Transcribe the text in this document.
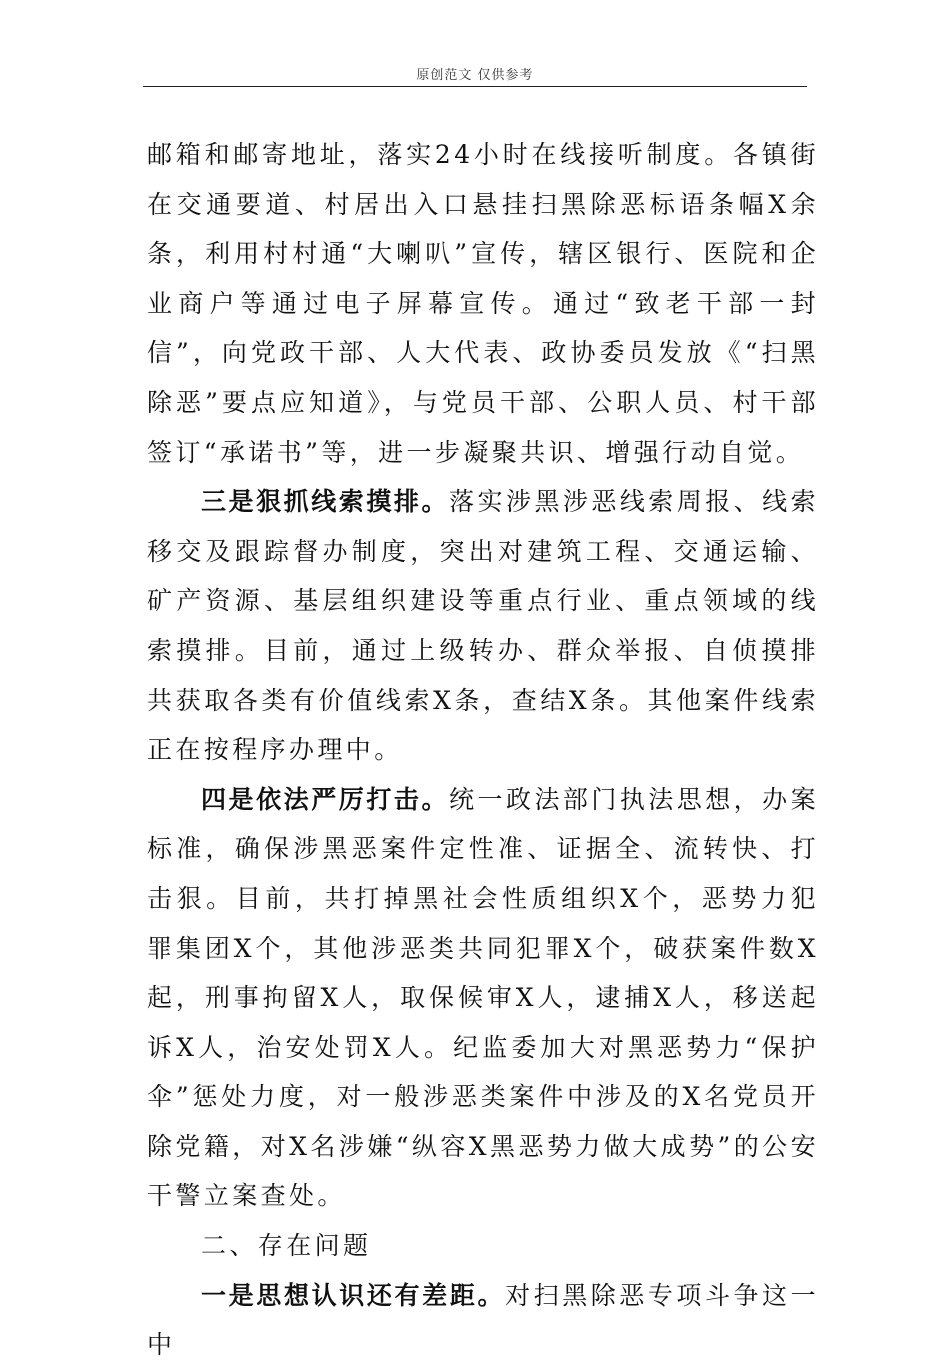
原创范文 仅供参考

邮箱和邮寄地址，落实24小时在线接听制度。各镇街在交通要道、村居出入口悬挂扫黑除恶标语条幅X余条，利用村村通“大喇叭”宣传，辖区银行、医院和企业商户等通过电子屏幕宣传。通过“致老干部一封信”，向党政干部、人大代表、政协委员发放《“扫黑除恶”要点应知道》，与党员干部、公职人员、村干部签订“承诺书”等，进一步凝聚共识、增强行动自觉。

三是狠抓线索摸排。落实涉黑涉恶线索周报、线索移交及跟踪督办制度，突出对建筑工程、交通运输、矿产资源、基层组织建设等重点行业、重点领域的线索摸排。目前，通过上级转办、群众举报、自侦摸排共获取各类有价值线索X条，查结X条。其他案件线索正在按程序办理中。

四是依法严厉打击。统一政法部门执法思想，办案标准，确保涉黑恶案件定性准、证据全、流转快、打击狠。目前，共打掉黑社会性质组织X个，恶势力犯罪集团X个，其他涉恶类共同犯罪X个，破获案件数X起，刑事拘留X人，取保候审X人，逮捕X人，移送起诉X人，治安处罚X人。纪监委加大对黑恶势力“保护伞”惩处力度，对一般涉恶类案件中涉及的X名党员开除党籍，对X名涉嫌“纵容X黑恶势力做大成势”的公安干警立案查处。

二、存在问题

一是思想认识还有差距。对扫黑除恶专项斗争这一中
